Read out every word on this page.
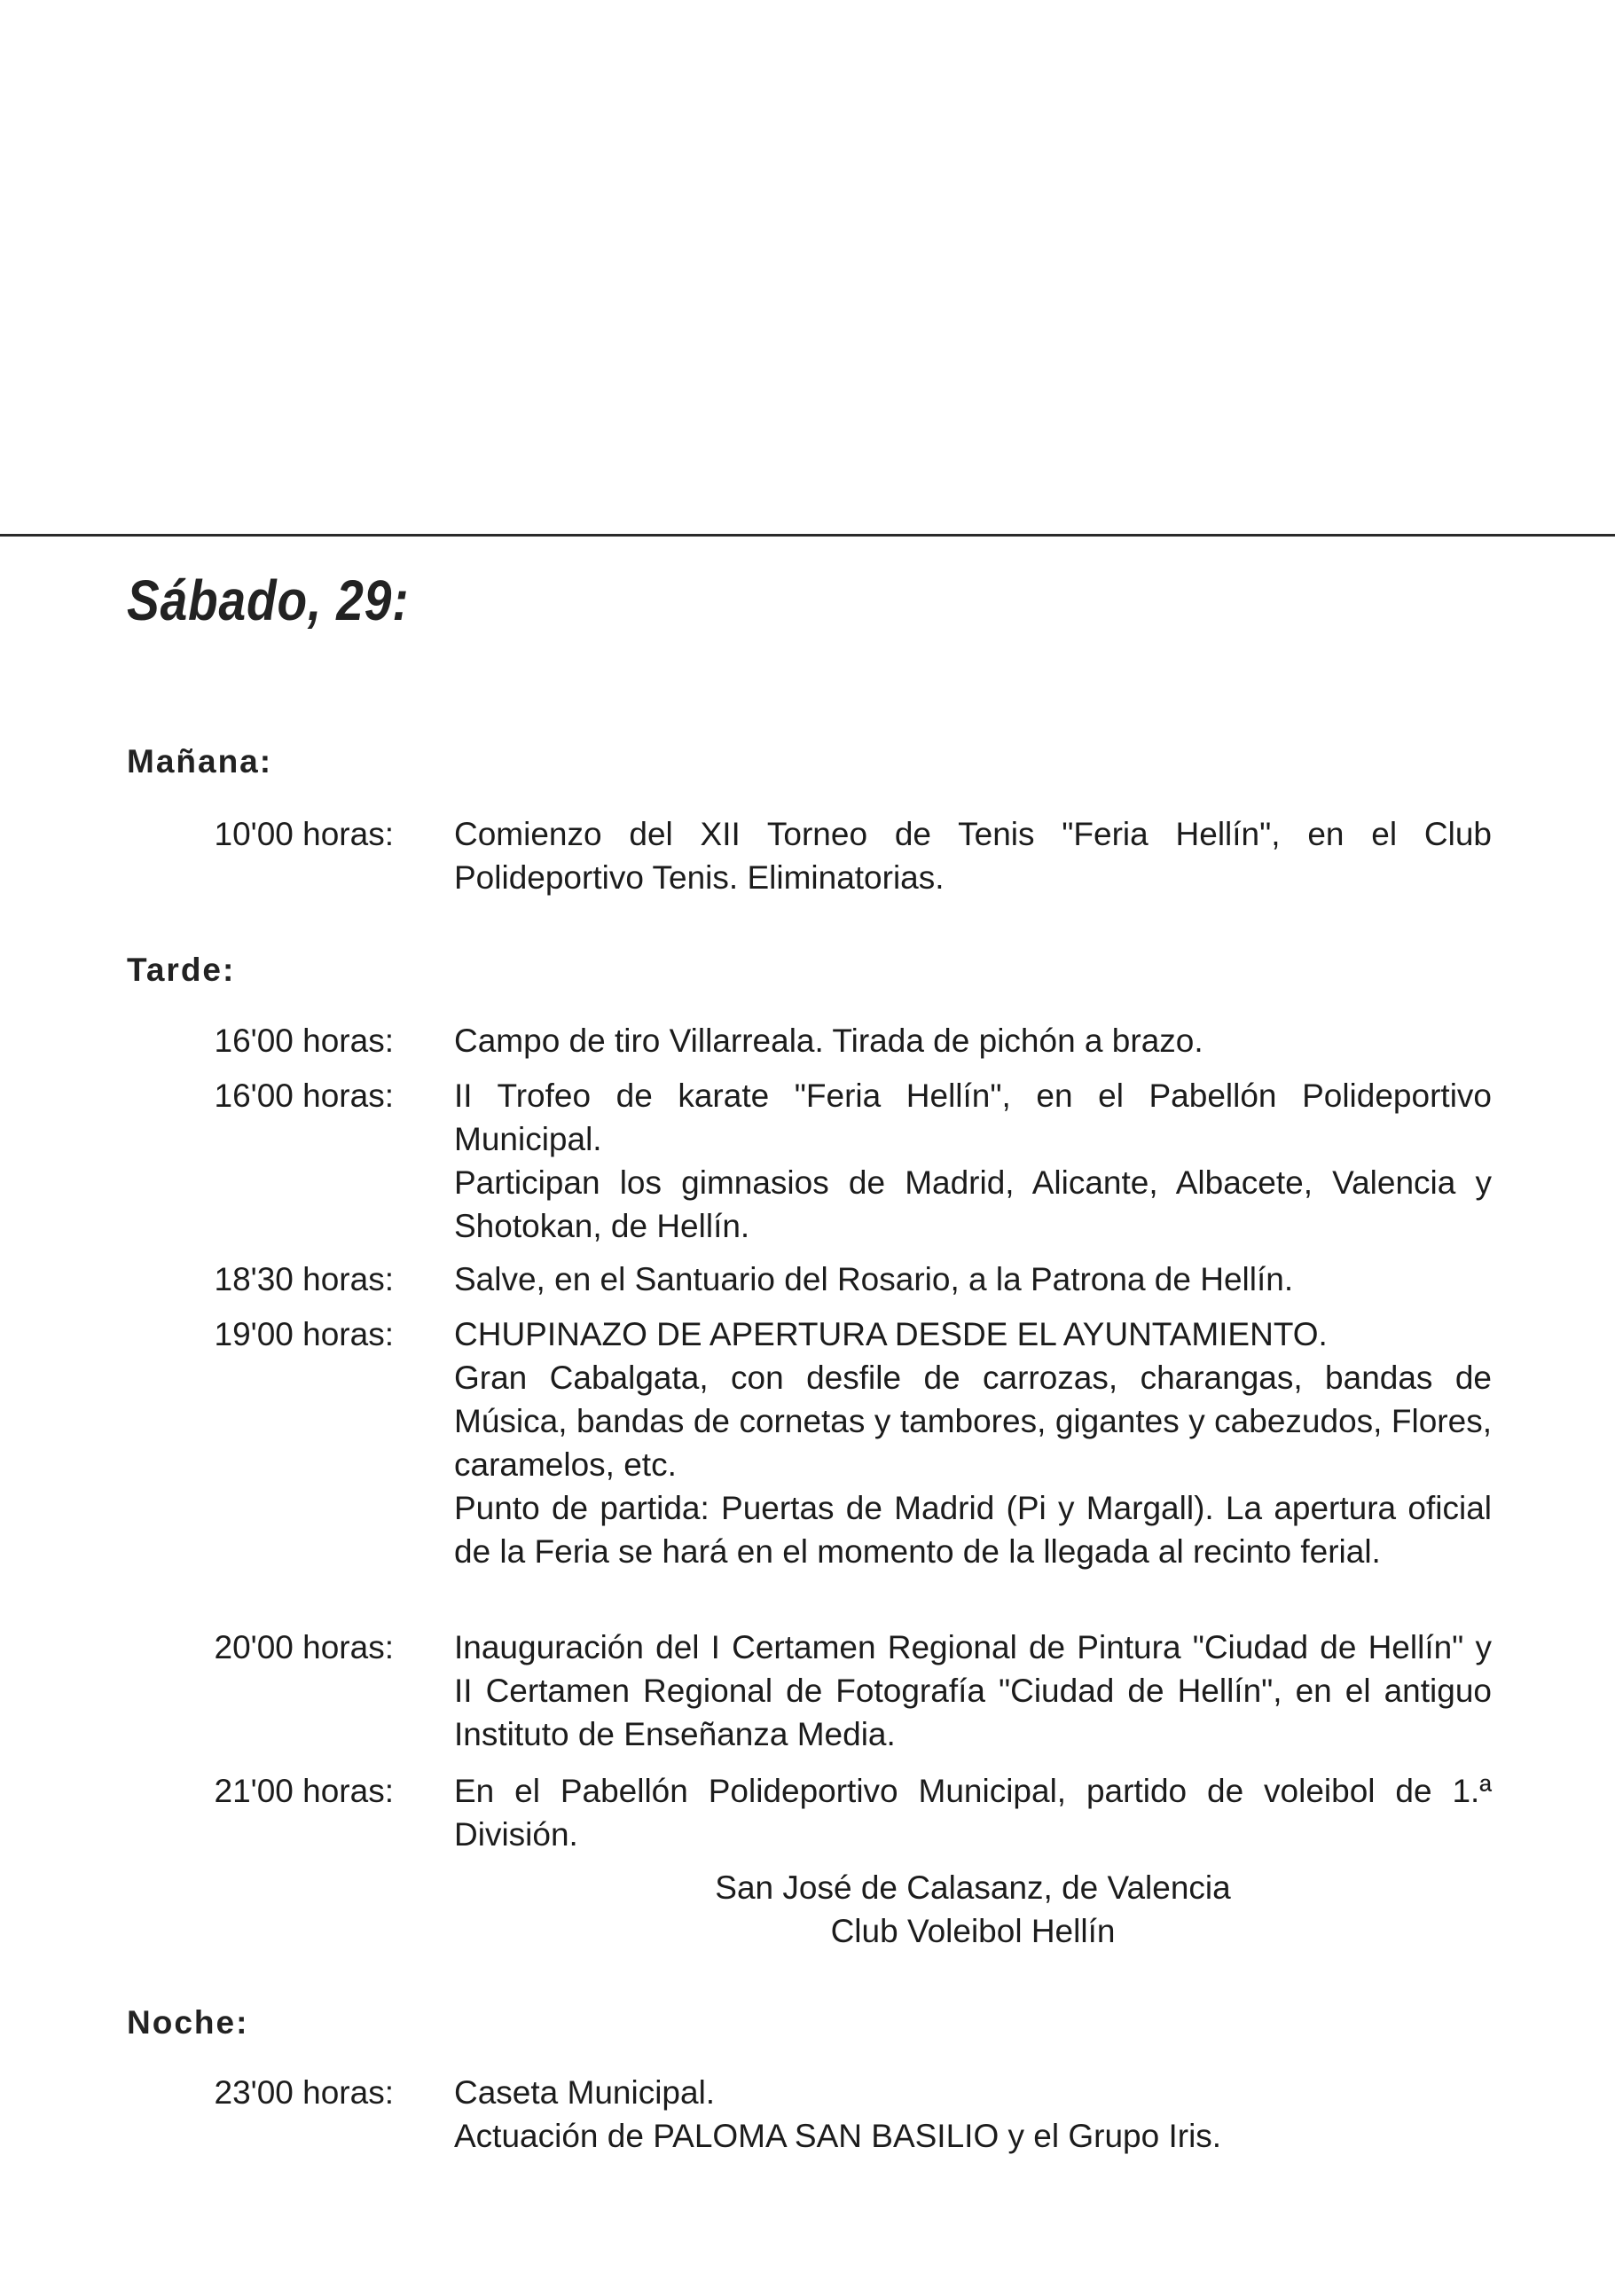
Sábado, 29:
Mañana:
10'00 horas: Comienzo del XII Torneo de Tenis "Feria Hellín", en el Club Polideportivo Tenis. Eliminatorias.

Tarde:
16'00 horas: Campo de tiro Villarreala. Tirada de pichón a brazo.

16'00 horas: II Trofeo de karate "Feria Hellín", en el Pabellón Polideportivo Municipal.

Participan los gimnasios de Madrid, Alicante, Albacete, Valencia y Shotokan, de Hellín.

18'30 horas: Salve, en el Santuario del Rosario, a la Patrona de Hellín.

19'00 horas: CHUPINAZO DE APERTURA DESDE EL AYUNTAMIENTO.

Gran Cabalgata, con desfile de carrozas, charangas, bandas de Música, bandas de cornetas y tambores, gigantes y cabezudos, Flores, caramelos, etc.

Punto de partida: Puertas de Madrid (Pi y Margall). La apertura oficial de la Feria se hará en el momento de la llegada al recinto ferial.

20'00 horas: Inauguración del I Certamen Regional de Pintura "Ciudad de Hellín" y II Certamen Regional de Fotografía "Ciudad de Hellín", en el antiguo Instituto de Enseñanza Media.

21'00 horas: En el Pabellón Polideportivo Municipal, partido de voleibol de 1.ª División.

San José de Calasanz, de Valencia
Club Voleibol Hellín
Noche:
23'00 horas: Caseta Municipal.

Actuación de PALOMA SAN BASILIO y el Grupo Iris.
